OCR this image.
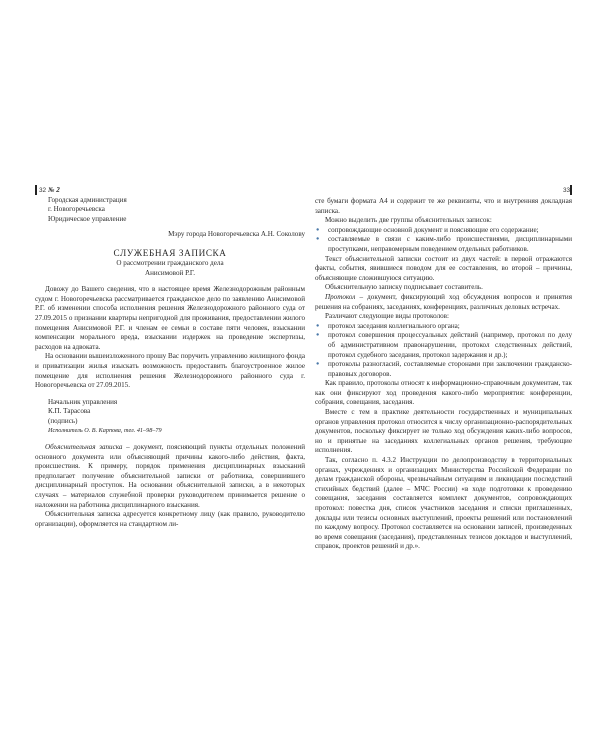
32	33

№ 2

Городская администрация

г. Новогоречьевска

Юридическое управление

Мэру города Новогоречьевска А.Н. Соколову

СЛУЖЕБНАЯ ЗАПИСКА

О рассмотрении гражданского дела

Анисимовой Р.Г.

Довожу до Вашего сведения, что в настоящее время Железнодорожным районным судом г. Новогоречьевска рассматривается гражданское дело по заявлению Анисимовой Р.Г. об изменении способа исполнения решения Железнодорожного районного суда от 27.09.2015 о признании квартиры непригодной для проживания, предоставлении жилого помещения Анисимовой Р.Г. и членам ее семьи в составе пяти человек, взыскании компенсации морального вреда, взыскании издержек на проведение экспертизы, расходов на адвоката.

На основании вышеизложенного прошу Вас поручить управлению жилищного фонда и приватизации жилья изыскать возможность предоставить благоустроенное жилое помещение для исполнения решения Железнодорожного районного суда г. Новогоречьевска от 27.09.2015.

Начальник управления

К.П. Тарасова

(подпись)

Исполнитель О. В. Карпова, тел. 41–98–79

Объяснительная записка – документ, поясняющий пункты отдельных положений основного документа или объясняющий причины какого-либо действия, факта, происшествия. К примеру, порядок применения дисциплинарных взысканий предполагает получение объяснительной записки от работника, совершившего дисциплинарный проступок. На основании объяснительной записки, а в некоторых случаях – материалов служебной проверки руководителем принимается решение о наложении на работника дисциплинарного взыскания.

Объяснительная записка адресуется конкретному лицу (как правило, руководителю организации), оформляется на стандартном ли-

сте бумаги формата А4 и содержит те же реквизиты, что и внутренняя докладная записка.

Можно выделить две группы объяснительных записок:

● сопровождающие основной документ и поясняющие его содержание;
● составляемые в связи с каким-либо происшествиями, дисциплинарными проступками, неправомерным поведением отдельных работников.

Текст объяснительной записки состоит из двух частей: в первой отражаются факты, события, явившиеся поводом для ее составления, во второй – причины, объясняющие сложившуюся ситуацию.

Объяснительную записку подписывает составитель.

Протокол – документ, фиксирующий ход обсуждения вопросов и принятия решения на собраниях, заседаниях, конференциях, различных деловых встречах.

Различают следующие виды протоколов:

● протокол заседания коллегиального органа;
● протокол совершения процессуальных действий (например, протокол по делу об административном правонарушении, протокол следственных действий, протокол судебного заседания, протокол задержания и др.);
● протоколы разногласий, составляемые сторонами при заключении гражданско-правовых договоров.

Как правило, протоколы относят к информационно-справочным документам, так как они фиксируют ход проведения какого-либо мероприятия: конференции, собрания, совещания, заседания.

Вместе с тем в практике деятельности государственных и муниципальных органов управления протокол относится к числу организационно-распорядительных документов, поскольку фиксирует не только ход обсуждения каких-либо вопросов, но и принятые на заседаниях коллегиальных органов решения, требующие исполнения.

Так, согласно п. 4.3.2 Инструкции по делопроизводству в территориальных органах, учреждениях и организациях Министерства Российской Федерации по делам гражданской обороны, чрезвычайным ситуациям и ликвидации последствий стихийных бедствий (далее – МЧС России) «в ходе подготовки к проведению совещания, заседания составляется комплект документов, сопровождающих протокол: повестка дня, список участников заседания и списки приглашенных, доклады или тезисы основных выступлений, проекты решений или постановлений по каждому вопросу. Протокол составляется на основании записей, произведенных во время совещания (заседания), представленных тезисов докладов и выступлений, справок, проектов решений и др.».
